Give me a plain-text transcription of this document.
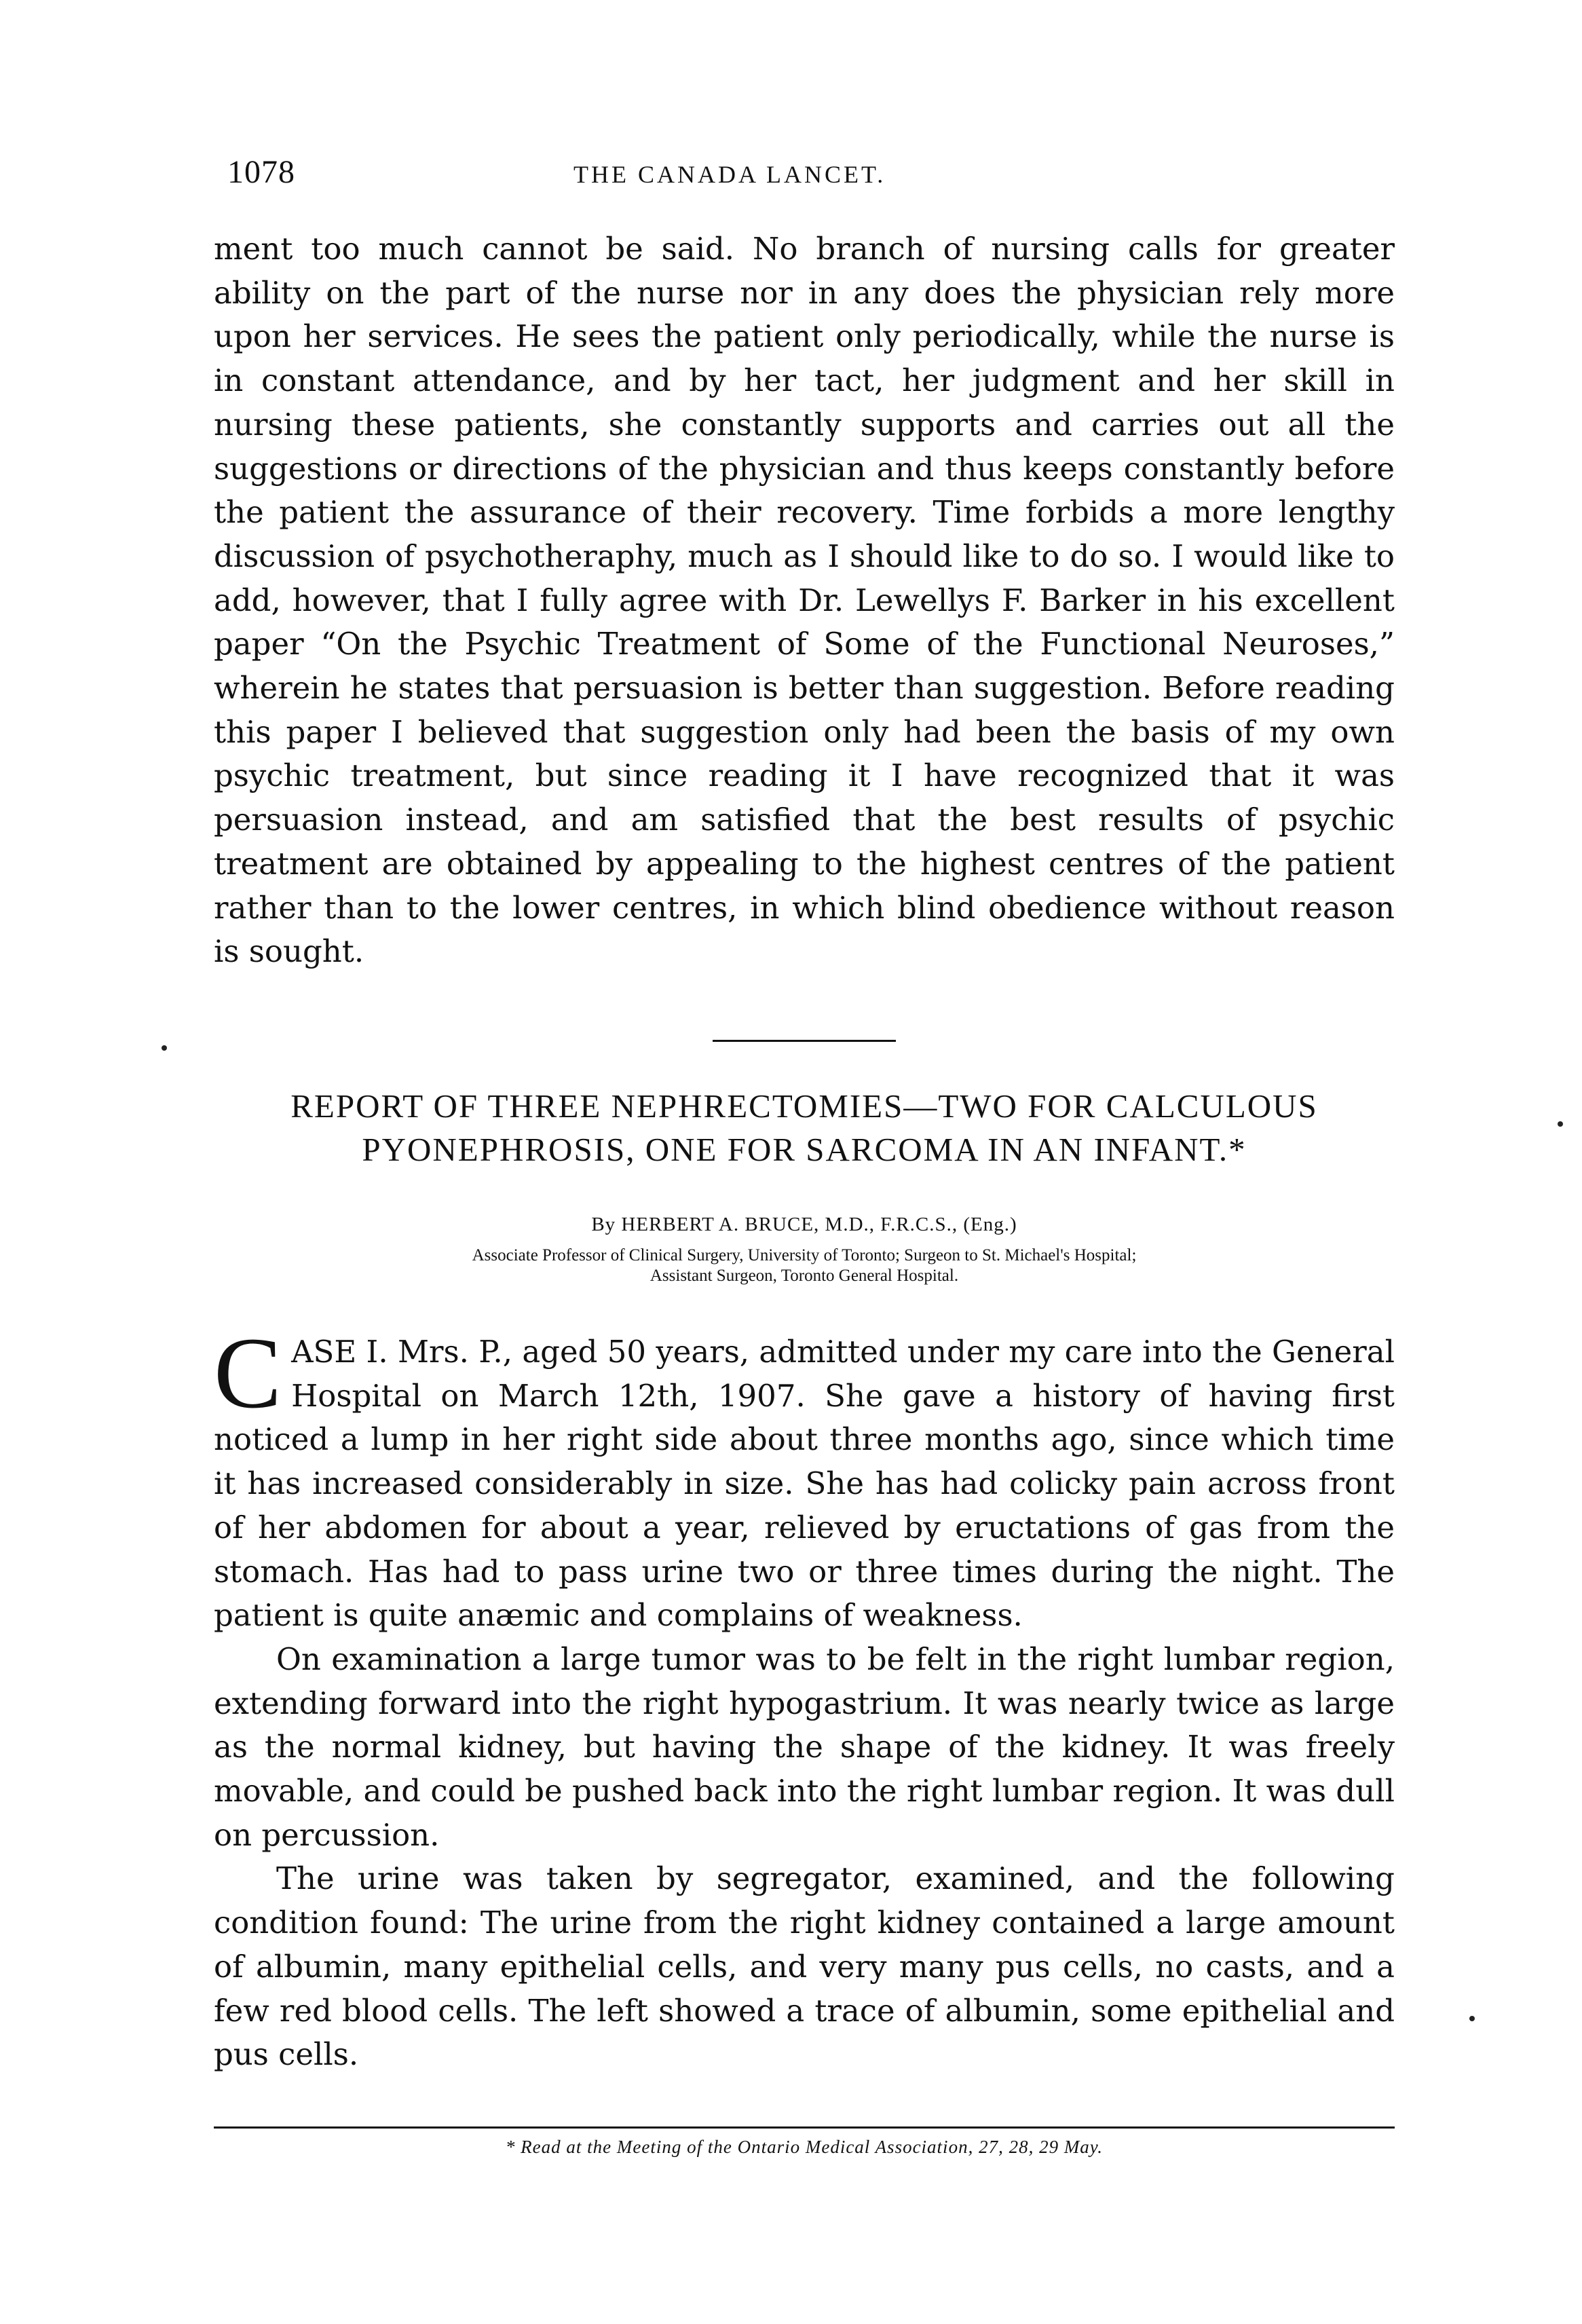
1078	THE CANADA LANCET.

ment too much cannot be said. No branch of nursing calls for greater ability on the part of the nurse nor in any does the physician rely more upon her services. He sees the patient only periodically, while the nurse is in constant attendance, and by her tact, her judgment and her skill in nursing these patients, she constantly supports and carries out all the suggestions or directions of the physician and thus keeps constantly before the patient the assurance of their recovery. Time forbids a more lengthy discussion of psychotheraphy, much as I should like to do so. I would like to add, however, that I fully agree with Dr. Lewellys F. Barker in his excellent paper “On the Psychic Treatment of Some of the Functional Neuroses,” wherein he states that persuasion is better than suggestion. Before reading this paper I believed that suggestion only had been the basis of my own psychic treatment, but since reading it I have recognized that it was persuasion instead, and am satisfied that the best results of psychic treatment are obtained by appealing to the highest centres of the patient rather than to the lower centres, in which blind obedience without reason is sought.

REPORT OF THREE NEPHRECTOMIES—TWO FOR CALCULOUS
PYONEPHROSIS, ONE FOR SARCOMA IN AN INFANT.*
By HERBERT A. BRUCE, M.D., F.R.C.S., (Eng.)
Associate Professor of Clinical Surgery, University of Toronto; Surgeon to St. Michael's Hospital;
Assistant Surgeon, Toronto General Hospital.

CASE I. Mrs. P., aged 50 years, admitted under my care into the General Hospital on March 12th, 1907. She gave a history of having first noticed a lump in her right side about three months ago, since which time it has increased considerably in size. She has had colicky pain across front of her abdomen for about a year, relieved by eructations of gas from the stomach. Has had to pass urine two or three times during the night. The patient is quite anæmic and complains of weakness.

On examination a large tumor was to be felt in the right lumbar region, extending forward into the right hypogastrium. It was nearly twice as large as the normal kidney, but having the shape of the kidney. It was freely movable, and could be pushed back into the right lumbar region. It was dull on percussion.

The urine was taken by segregator, examined, and the following condition found: The urine from the right kidney contained a large amount of albumin, many epithelial cells, and very many pus cells, no casts, and a few red blood cells. The left showed a trace of albumin, some epithelial and pus cells.

* Read at the Meeting of the Ontario Medical Association, 27, 28, 29 May.
